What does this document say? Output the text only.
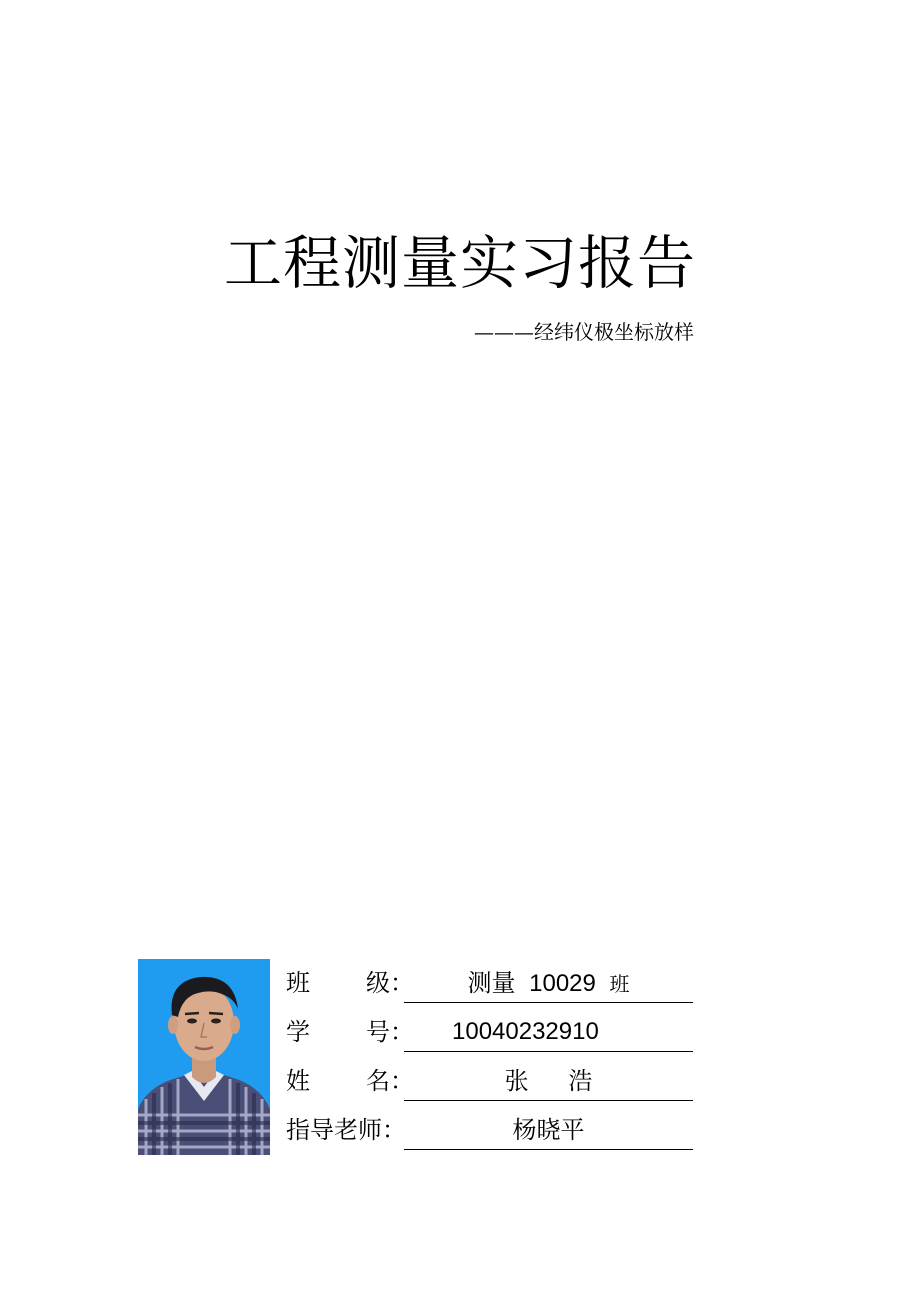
工程测量实习报告
———经纬仪极坐标放样
班 级：	测量 10029 班
学 号： 10040232910
姓 名：	张 浩
指导老师：	杨晓平
